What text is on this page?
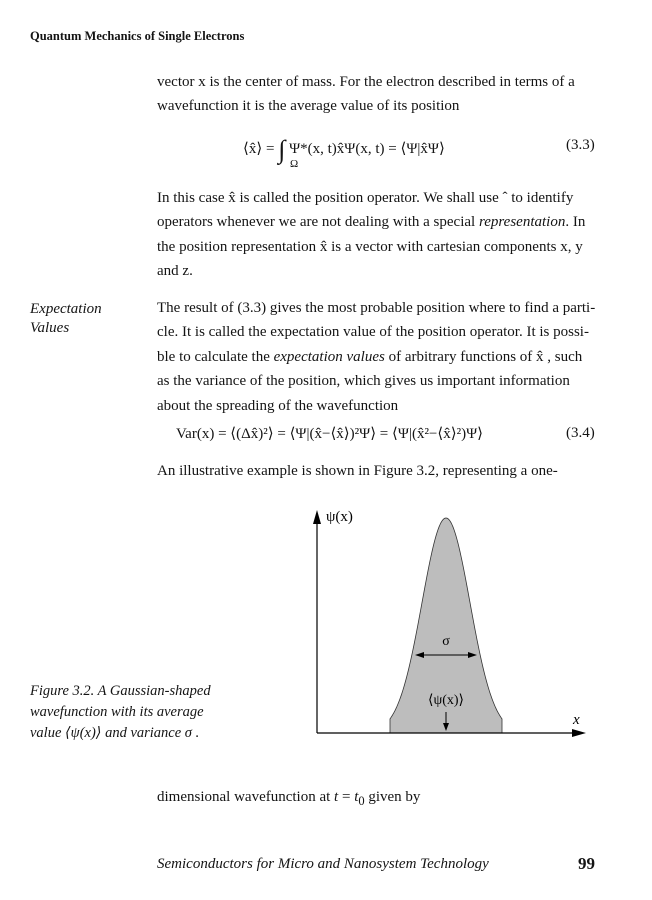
Quantum Mechanics of Single Electrons

vector x is the center of mass. For the electron described in terms of a

wavefunction it is the average value of its position

⟨x̂⟩ = ∫ Ψ*(x, t)x̂Ψ(x, t) = ⟨Ψ|x̂Ψ⟩
Ω
(3.3)

In this case x̂ is called the position operator. We shall use ˆ to identify

operators whenever we are not dealing with a special representation. In

the position representation x̂ is a vector with cartesian components x, y

and z.

Expectation
Values

The result of (3.3) gives the most probable position where to find a parti-

cle. It is called the expectation value of the position operator. It is possi-

ble to calculate the expectation values of arbitrary functions of x̂ , such

as the variance of the position, which gives us important information

about the spreading of the wavefunction

Var(x) = ⟨(Δx̂)²⟩ = ⟨Ψ|(x̂−⟨x̂⟩)²Ψ⟩ = ⟨Ψ|(x̂²−⟨x̂⟩²)Ψ⟩	(3.4)

An illustrative example is shown in Figure 3.2, representing a one-

ψ(x)
x
σ
⟨ψ(x)⟩
Figure 3.2. A Gaussian-shaped
wavefunction with its average
value ⟨ψ(x)⟩ and variance σ .

dimensional wavefunction at $t = t_0$ given by

Semiconductors for Micro and Nanosystem Technology	99
